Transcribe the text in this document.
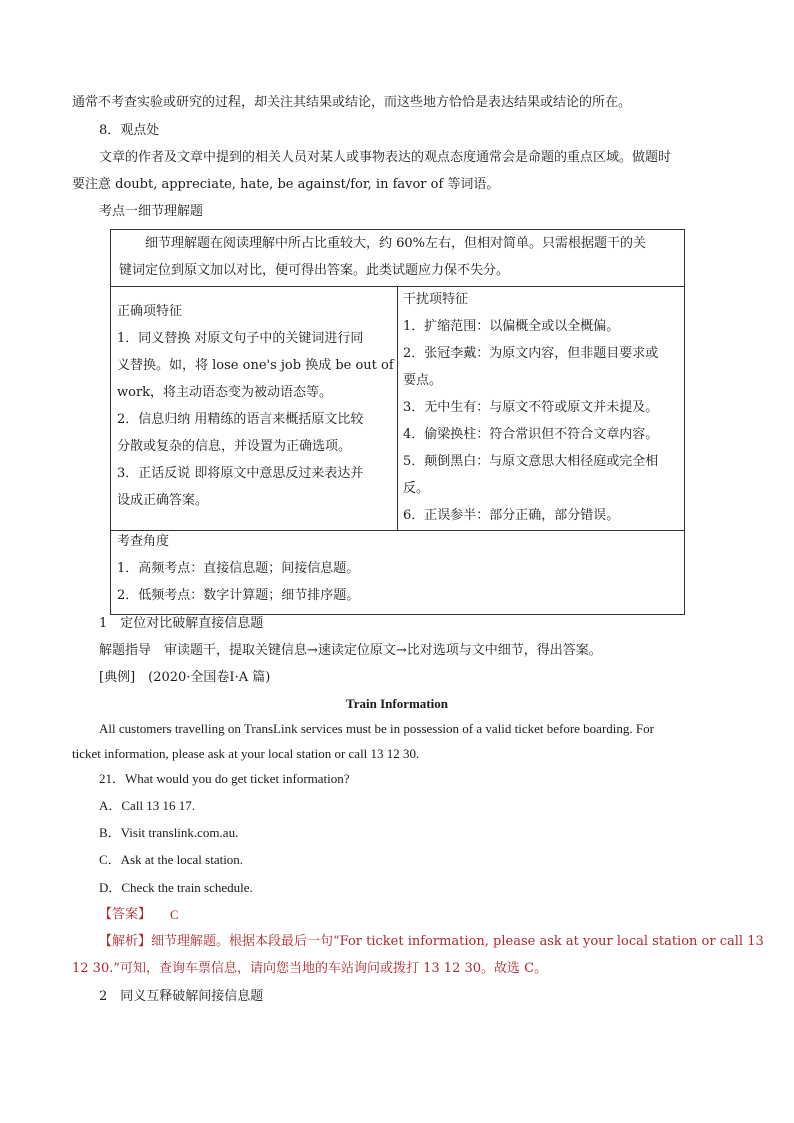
通常不考查实验或研究的过程，却关注其结果或结论，而这些地方恰恰是表达结果或结论的所在。
8．观点处
文章的作者及文章中提到的相关人员对某人或事物表达的观点态度通常会是命题的重点区域。做题时
要注意 doubt, appreciate, hate, be against/for, in favor of 等词语。
考点一细节理解题
细节理解题在阅读理解中所占比重较大，约 60%左右，但相对简单。只需根据题干的关
键词定位到原文加以对比，便可得出答案。此类试题应力保不失分。
正确项特征
1．同义替换 对原文句子中的关键词进行同
义替换。如，将 lose one's job 换成 be out of
work，将主动语态变为被动语态等。
2．信息归纳 用精练的语言来概括原文比较
分散或复杂的信息，并设置为正确选项。
3．正话反说 即将原文中意思反过来表达并
设成正确答案。
干扰项特征
1．扩缩范围：以偏概全或以全概偏。
2．张冠李戴：为原文内容，但非题目要求或
要点。
3．无中生有：与原文不符或原文并未提及。
4．偷梁换柱：符合常识但不符合文章内容。
5．颠倒黑白：与原文意思大相径庭或完全相
反。
6．正误参半：部分正确，部分错误。
考查角度
1．高频考点：直接信息题；间接信息题。
2．低频考点：数字计算题；细节排序题。
1　定位对比破解直接信息题
解题指导　审读题干，提取关键信息→速读定位原文→比对选项与文中细节，得出答案。
[典例]　(2020·全国卷Ⅰ·A 篇)
Train Information
All customers travelling on TransLink services must be in possession of a valid ticket before boarding. For
ticket information, please ask at your local station or call 13 12 30.
21．What would you do get ticket information?
A．Call 13 16 17.
B．Visit translink.com.au.
C．Ask at the local station.
D．Check the train schedule.
【答案】 C
【解析】细节理解题。根据本段最后一句“For ticket information, please ask at your local station or call 13
12 30.”可知，查询车票信息，请向您当地的车站询问或拨打 13 12 30。故选 C。
2　同义互释破解间接信息题
